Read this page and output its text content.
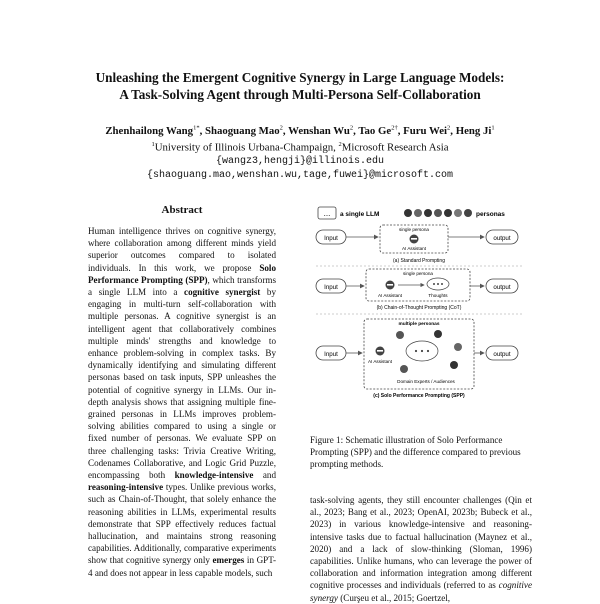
Unleashing the Emergent Cognitive Synergy in Large Language Models:
A Task-Solving Agent through Multi-Persona Self-Collaboration
Zhenhailong Wang$^{1*}$, Shaoguang Mao$^2$, Wenshan Wu$^2$, Tao $Ge^{2\dagger}$, Furu Wei$^2$, Heng Ji$^1$
$^1$University of Illinois Urbana-Champaign, $^2$Microsoft Research Asia
{wangz3,hengji}@illinois.edu
{shaoguang.mao,wenshan.wu,tage,fuwei}@microsoft.com
Abstract
Human intelligence thrives on cognitive synergy, where collaboration among different minds yield superior outcomes compared to isolated individuals. In this work, we propose Solo Performance Prompting (SPP), which transforms a single LLM into a cognitive synergist by engaging in multi-turn self-collaboration with multiple personas. A cognitive synergist is an intelligent agent that collaboratively combines multiple minds' strengths and knowledge to enhance problem-solving in complex tasks. By dynamically identifying and simulating different personas based on task inputs, SPP unleashes the potential of cognitive synergy in LLMs. Our in-depth analysis shows that assigning multiple fine-grained personas in LLMs improves problem-solving abilities compared to using a single or fixed number of personas. We evaluate SPP on three challenging tasks: Trivia Creative Writing, Codenames Collaborative, and Logic Grid Puzzle, encompassing both knowledge-intensive and reasoning-intensive types. Unlike previous works, such as Chain-of-Thought, that solely enhance the reasoning abilities in LLMs, experimental results demonstrate that SPP effectively reduces factual hallucination, and maintains strong reasoning capabilities. Additionally, comparative experiments show that cognitive synergy only emerges in GPT-4 and does not appear in less capable models, such
... a single LLM	personas
Input
single persona
AI Assistant
output
(a) Standard Prompting
Input
single persona
AI Assistant	Thoughts
output
(b) Chain-of-Thought Prompting (CoT)
Input
multiple personas
AI Assistant
Domain Experts / Audiences
output
(c) Solo Performance Prompting (SPP)
Figure 1: Schematic illustration of Solo Performance Prompting (SPP) and the difference compared to previous prompting methods.
task-solving agents, they still encounter challenges (Qin et al., 2023; Bang et al., 2023; OpenAI, 2023b; Bubeck et al., 2023) in various knowledge-intensive and reasoning-intensive tasks due to factual hallucination (Maynez et al., 2020) and a lack of slow-thinking (Sloman, 1996) capabilities. Unlike humans, who can leverage the power of collaboration and information integration among different cognitive processes and individuals (referred to as cognitive synergy (Curşeu et al., 2015; Goertzel,
